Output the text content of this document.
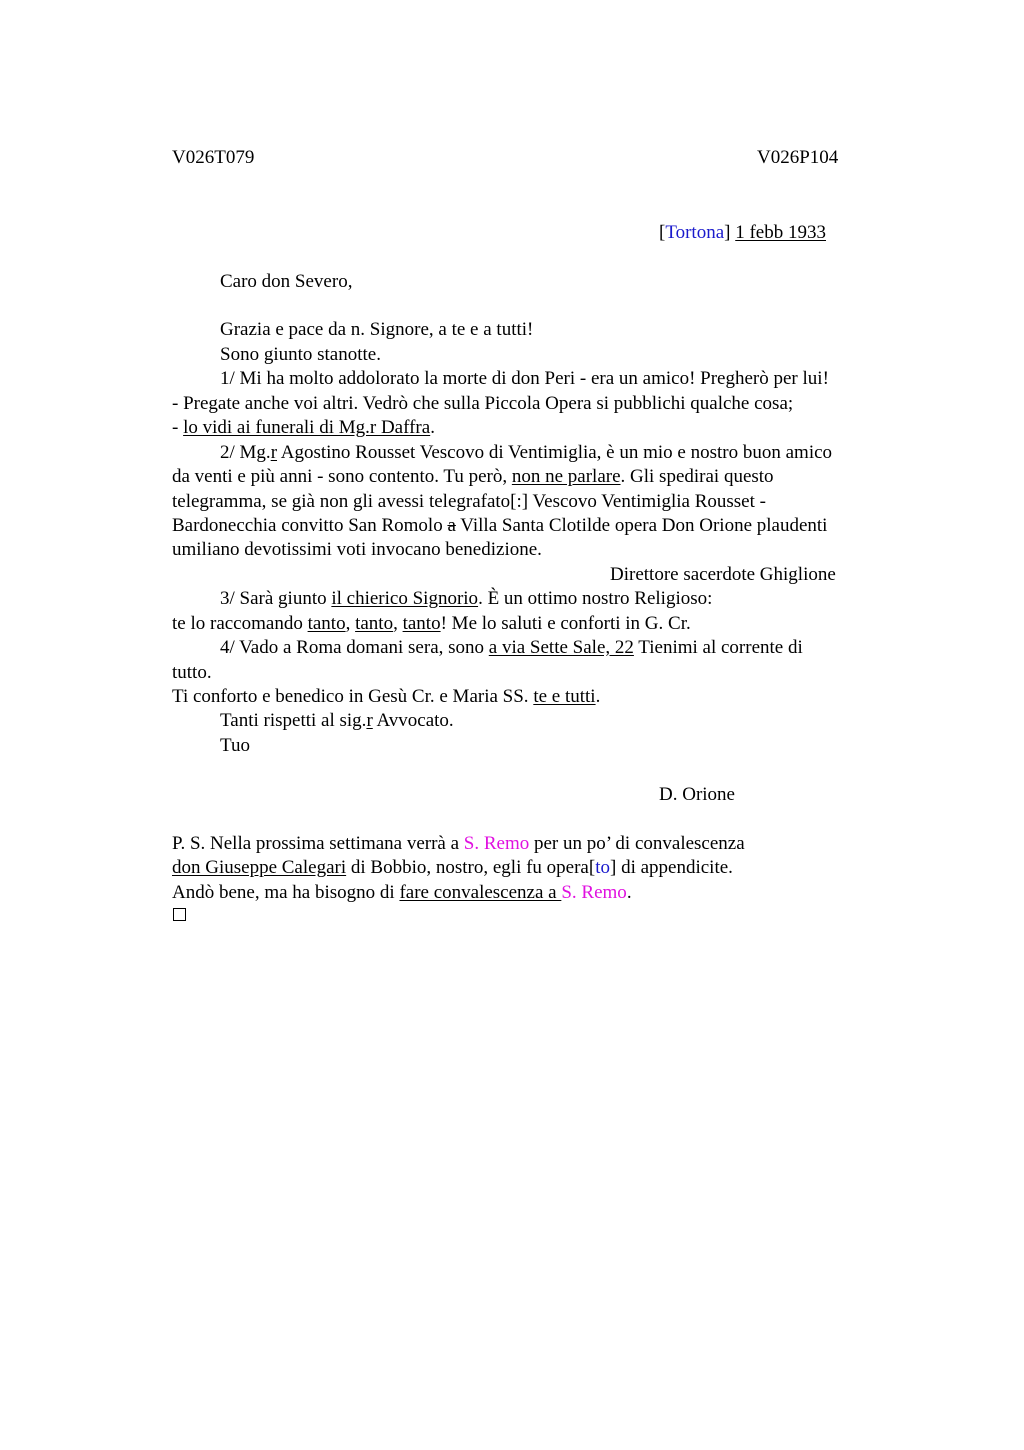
V026T079	V026P104
[Tortona] 1 febb 1933
Caro don Severo,
Grazia e pace da n. Signore, a te e a tutti!
Sono giunto stanotte.
1/ Mi ha molto addolorato la morte di don Peri - era un amico! Pregherò per lui!
- Pregate anche voi altri. Vedrò che sulla Piccola Opera si pubblichi qualche cosa;
- lo vidi ai funerali di Mg.r Daffra.
2/ Mg.r Agostino Rousset Vescovo di Ventimiglia, è un mio e nostro buon amico
da venti e più anni - sono contento. Tu però, non ne parlare. Gli spedirai questo
telegramma, se già non gli avessi telegrafato[:] Vescovo Ventimiglia Rousset -
Bardonecchia convitto San Romolo a Villa Santa Clotilde opera Don Orione plaudenti
umiliano devotissimi voti invocano benedizione.
Direttore sacerdote Ghiglione
3/ Sarà giunto il chierico Signorio. È un ottimo nostro Religioso:
te lo raccomando tanto, tanto, tanto! Me lo saluti e conforti in G. Cr.
4/ Vado a Roma domani sera, sono a via Sette Sale, 22 Tienimi al corrente di
tutto.
Ti conforto e benedico in Gesù Cr. e Maria SS. te e tutti.
Tanti rispetti al sig.r Avvocato.
Tuo
D. Orione
P. S. Nella prossima settimana verrà a S. Remo per un po’ di convalescenza
don Giuseppe Calegari di Bobbio, nostro, egli fu opera[to] di appendicite.
Andò bene, ma ha bisogno di fare convalescenza a S. Remo.
